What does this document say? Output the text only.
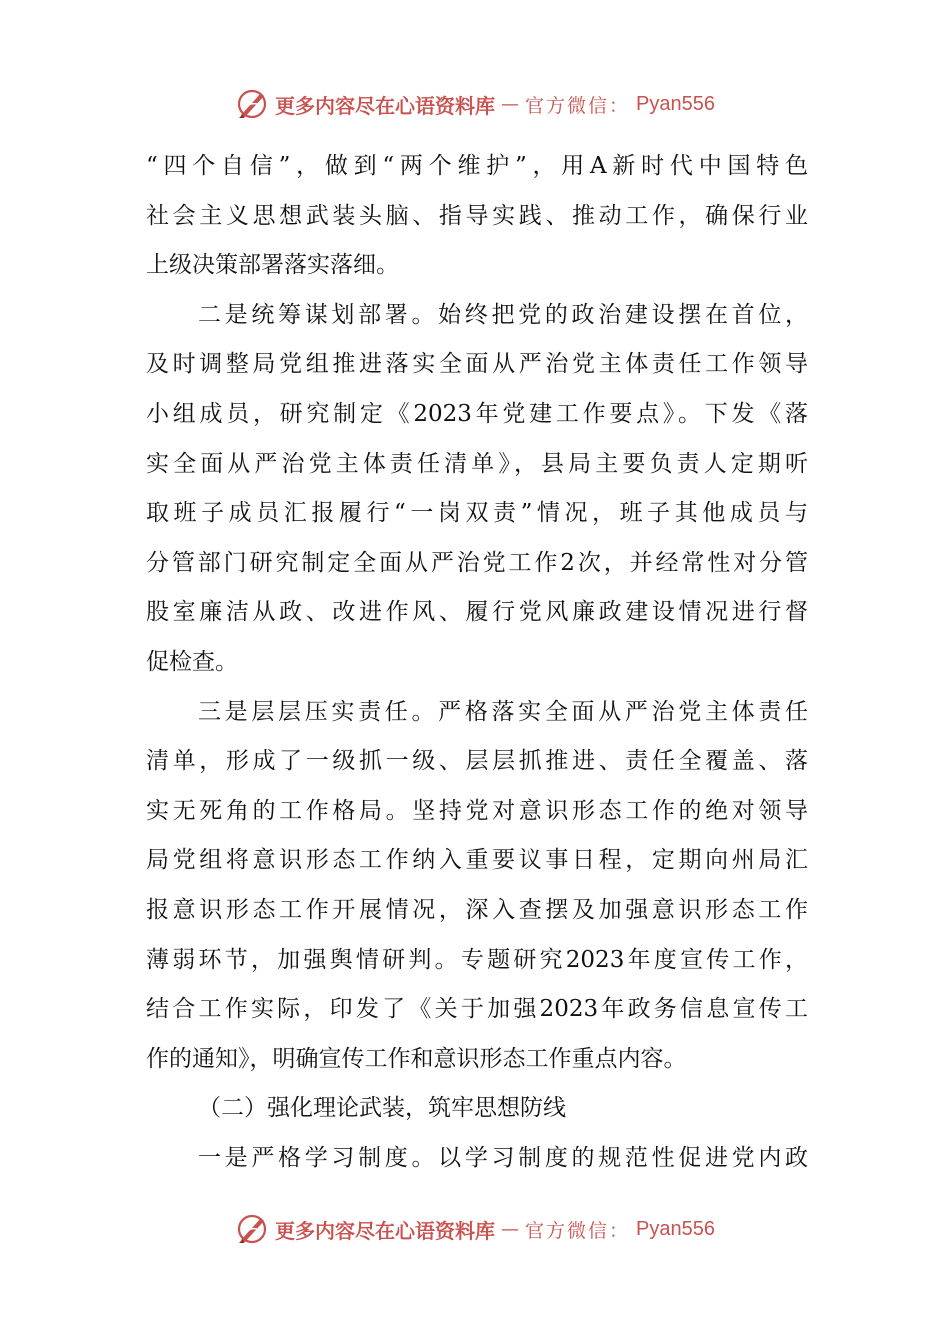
更多内容尽在心语资料库 — 官方微信： Pyan556
“四个自信”，做到“两个维护”，用A新时代中国特色
社会主义思想武装头脑、指导实践、推动工作，确保行业
上级决策部署落实落细。
二是统筹谋划部署。始终把党的政治建设摆在首位，
及时调整局党组推进落实全面从严治党主体责任工作领导
小组成员，研究制定《2023年党建工作要点》。下发《落
实全面从严治党主体责任清单》，县局主要负责人定期听
取班子成员汇报履行“一岗双责”情况，班子其他成员与
分管部门研究制定全面从严治党工作2次，并经常性对分管
股室廉洁从政、改进作风、履行党风廉政建设情况进行督
促检查。
三是层层压实责任。严格落实全面从严治党主体责任
清单，形成了一级抓一级、层层抓推进、责任全覆盖、落
实无死角的工作格局。坚持党对意识形态工作的绝对领导
局党组将意识形态工作纳入重要议事日程，定期向州局汇
报意识形态工作开展情况，深入查摆及加强意识形态工作
薄弱环节，加强舆情研判。专题研究2023年度宣传工作，
结合工作实际，印发了《关于加强2023年政务信息宣传工
作的通知》，明确宣传工作和意识形态工作重点内容。
（二）强化理论武装，筑牢思想防线
一是严格学习制度。以学习制度的规范性促进党内政
更多内容尽在心语资料库 — 官方微信： Pyan556
